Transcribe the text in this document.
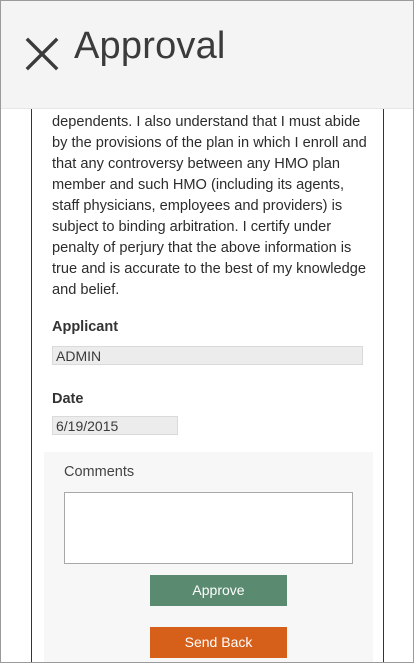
Approval
dependents. I also understand that I must abide by the provisions of the plan in which I enroll and that any controversy between any HMO plan member and such HMO (including its agents, staff physicians, employees and providers) is subject to binding arbitration. I certify under penalty of perjury that the above information is true and is accurate to the best of my knowledge and belief.
Applicant
ADMIN
Date
6/19/2015
Comments
Approve
Send Back
